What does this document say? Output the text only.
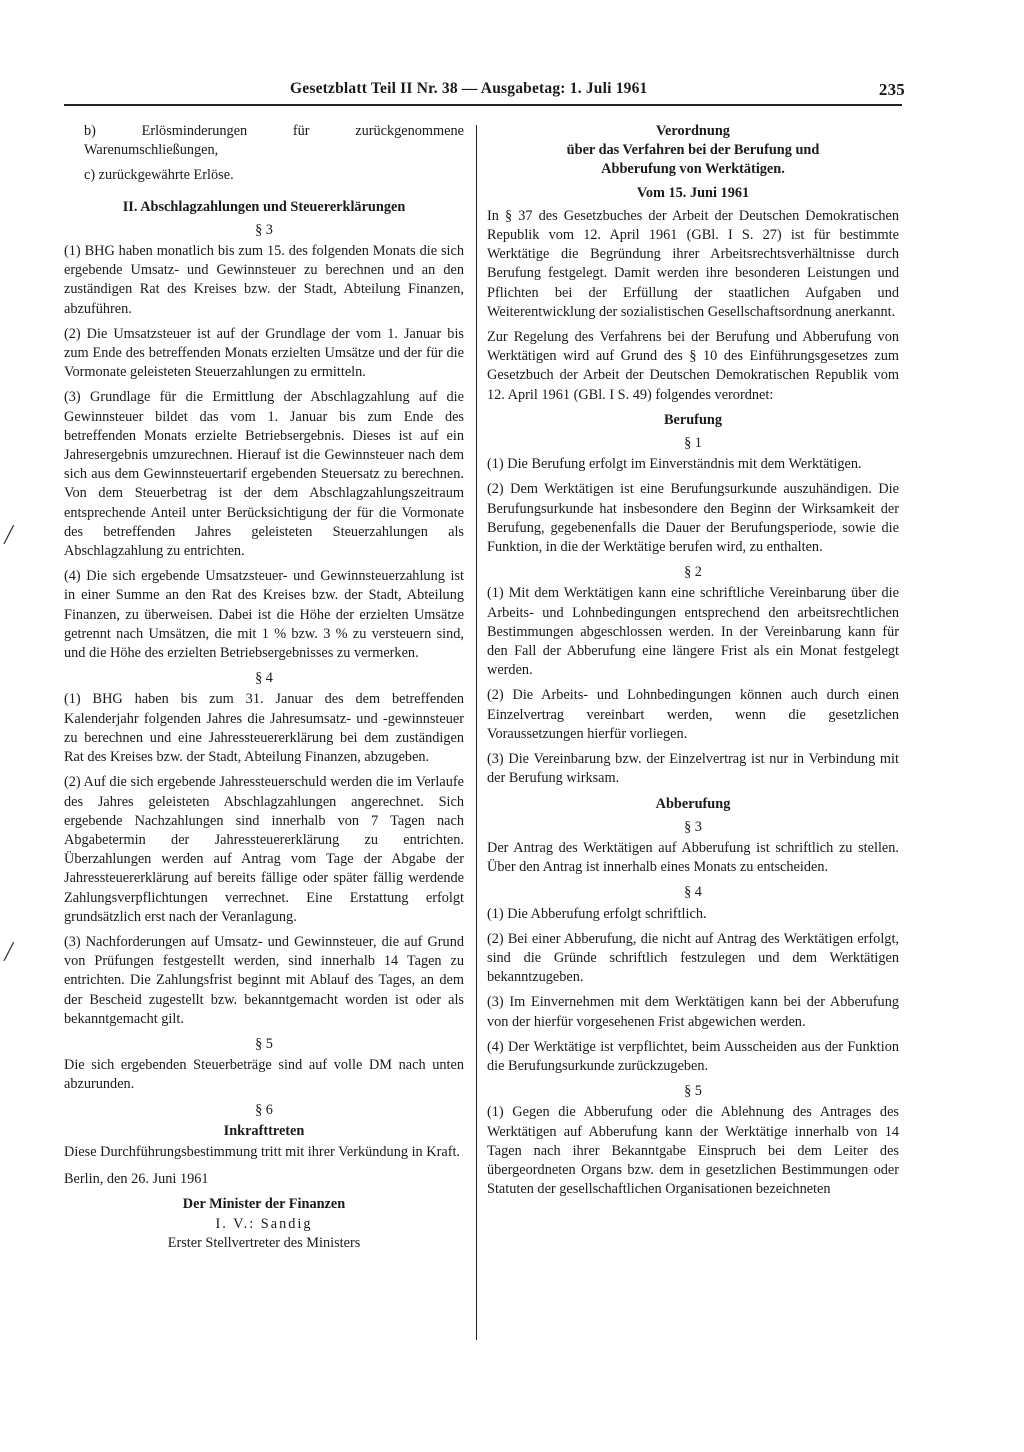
Gesetzblatt Teil II Nr. 38 — Ausgabetag: 1. Juli 1961	235
╱
╱

b) Erlösminderungen für zurückgenommene Warenumschließungen,

c) zurückgewährte Erlöse.

II. Abschlagzahlungen und Steuererklärungen

§ 3

(1) BHG haben monatlich bis zum 15. des folgenden Monats die sich ergebende Umsatz- und Gewinnsteuer zu berechnen und an den zuständigen Rat des Kreises bzw. der Stadt, Abteilung Finanzen, abzuführen.

(2) Die Umsatzsteuer ist auf der Grundlage der vom 1. Januar bis zum Ende des betreffenden Monats erzielten Umsätze und der für die Vormonate geleisteten Steuerzahlungen zu ermitteln.

(3) Grundlage für die Ermittlung der Abschlagzahlung auf die Gewinnsteuer bildet das vom 1. Januar bis zum Ende des betreffenden Monats erzielte Betriebsergebnis. Dieses ist auf ein Jahresergebnis umzurechnen. Hierauf ist die Gewinnsteuer nach dem sich aus dem Gewinnsteuertarif ergebenden Steuersatz zu berechnen. Von dem Steuerbetrag ist der dem Abschlagzahlungszeitraum entsprechende Anteil unter Berücksichtigung der für die Vormonate des betreffenden Jahres geleisteten Steuerzahlungen als Abschlagzahlung zu entrichten.

(4) Die sich ergebende Umsatzsteuer- und Gewinnsteuerzahlung ist in einer Summe an den Rat des Kreises bzw. der Stadt, Abteilung Finanzen, zu überweisen. Dabei ist die Höhe der erzielten Umsätze getrennt nach Umsätzen, die mit 1 % bzw. 3 % zu versteuern sind, und die Höhe des erzielten Betriebsergebnisses zu vermerken.

§ 4

(1) BHG haben bis zum 31. Januar des dem betreffenden Kalenderjahr folgenden Jahres die Jahresumsatz- und -gewinnsteuer zu berechnen und eine Jahressteuererklärung bei dem zuständigen Rat des Kreises bzw. der Stadt, Abteilung Finanzen, abzugeben.

(2) Auf die sich ergebende Jahressteuerschuld werden die im Verlaufe des Jahres geleisteten Abschlagzahlungen angerechnet. Sich ergebende Nachzahlungen sind innerhalb von 7 Tagen nach Abgabetermin der Jahressteuererklärung zu entrichten. Überzahlungen werden auf Antrag vom Tage der Abgabe der Jahressteuererklärung auf bereits fällige oder später fällig werdende Zahlungsverpflichtungen verrechnet. Eine Erstattung erfolgt grundsätzlich erst nach der Veranlagung.

(3) Nachforderungen auf Umsatz- und Gewinnsteuer, die auf Grund von Prüfungen festgestellt werden, sind innerhalb 14 Tagen zu entrichten. Die Zahlungsfrist beginnt mit Ablauf des Tages, an dem der Bescheid zugestellt bzw. bekanntgemacht worden ist oder als bekanntgemacht gilt.

§ 5

Die sich ergebenden Steuerbeträge sind auf volle DM nach unten abzurunden.

§ 6

Inkrafttreten

Diese Durchführungsbestimmung tritt mit ihrer Verkündung in Kraft.

Berlin, den 26. Juni 1961

Der Minister der Finanzen

I. V.: Sandig

Erster Stellvertreter des Ministers

Verordnung

über das Verfahren bei der Berufung und

Abberufung von Werktätigen.

Vom 15. Juni 1961

In § 37 des Gesetzbuches der Arbeit der Deutschen Demokratischen Republik vom 12. April 1961 (GBl. I S. 27) ist für bestimmte Werktätige die Begründung ihrer Arbeitsrechtsverhältnisse durch Berufung festgelegt. Damit werden ihre besonderen Leistungen und Pflichten bei der Erfüllung der staatlichen Aufgaben und Weiterentwicklung der sozialistischen Gesellschaftsordnung anerkannt.

Zur Regelung des Verfahrens bei der Berufung und Abberufung von Werktätigen wird auf Grund des § 10 des Einführungsgesetzes zum Gesetzbuch der Arbeit der Deutschen Demokratischen Republik vom 12. April 1961 (GBl. I S. 49) folgendes verordnet:

Berufung

§ 1

(1) Die Berufung erfolgt im Einverständnis mit dem Werktätigen.

(2) Dem Werktätigen ist eine Berufungsurkunde auszuhändigen. Die Berufungsurkunde hat insbesondere den Beginn der Wirksamkeit der Berufung, gegebenenfalls die Dauer der Berufungsperiode, sowie die Funktion, in die der Werktätige berufen wird, zu enthalten.

§ 2

(1) Mit dem Werktätigen kann eine schriftliche Vereinbarung über die Arbeits- und Lohnbedingungen entsprechend den arbeitsrechtlichen Bestimmungen abgeschlossen werden. In der Vereinbarung kann für den Fall der Abberufung eine längere Frist als ein Monat festgelegt werden.

(2) Die Arbeits- und Lohnbedingungen können auch durch einen Einzelvertrag vereinbart werden, wenn die gesetzlichen Voraussetzungen hierfür vorliegen.

(3) Die Vereinbarung bzw. der Einzelvertrag ist nur in Verbindung mit der Berufung wirksam.

Abberufung

§ 3

Der Antrag des Werktätigen auf Abberufung ist schriftlich zu stellen. Über den Antrag ist innerhalb eines Monats zu entscheiden.

§ 4

(1) Die Abberufung erfolgt schriftlich.

(2) Bei einer Abberufung, die nicht auf Antrag des Werktätigen erfolgt, sind die Gründe schriftlich festzulegen und dem Werktätigen bekanntzugeben.

(3) Im Einvernehmen mit dem Werktätigen kann bei der Abberufung von der hierfür vorgesehenen Frist abgewichen werden.

(4) Der Werktätige ist verpflichtet, beim Ausscheiden aus der Funktion die Berufungsurkunde zurückzugeben.

§ 5

(1) Gegen die Abberufung oder die Ablehnung des Antrages des Werktätigen auf Abberufung kann der Werktätige innerhalb von 14 Tagen nach ihrer Bekanntgabe Einspruch bei dem Leiter des übergeordneten Organs bzw. dem in gesetzlichen Bestimmungen oder Statuten der gesellschaftlichen Organisationen bezeichneten
